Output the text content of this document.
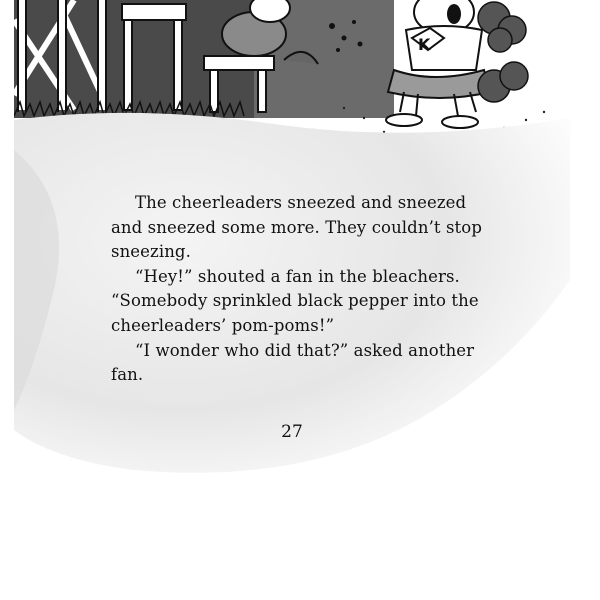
K

The cheerleaders sneezed and sneezed and sneezed some more. They couldn’t stop sneezing.

“Hey!” shouted a fan in the bleachers. “Somebody sprinkled black pepper into the cheerleaders’ pom-poms!”

“I wonder who did that?” asked another fan.

27
